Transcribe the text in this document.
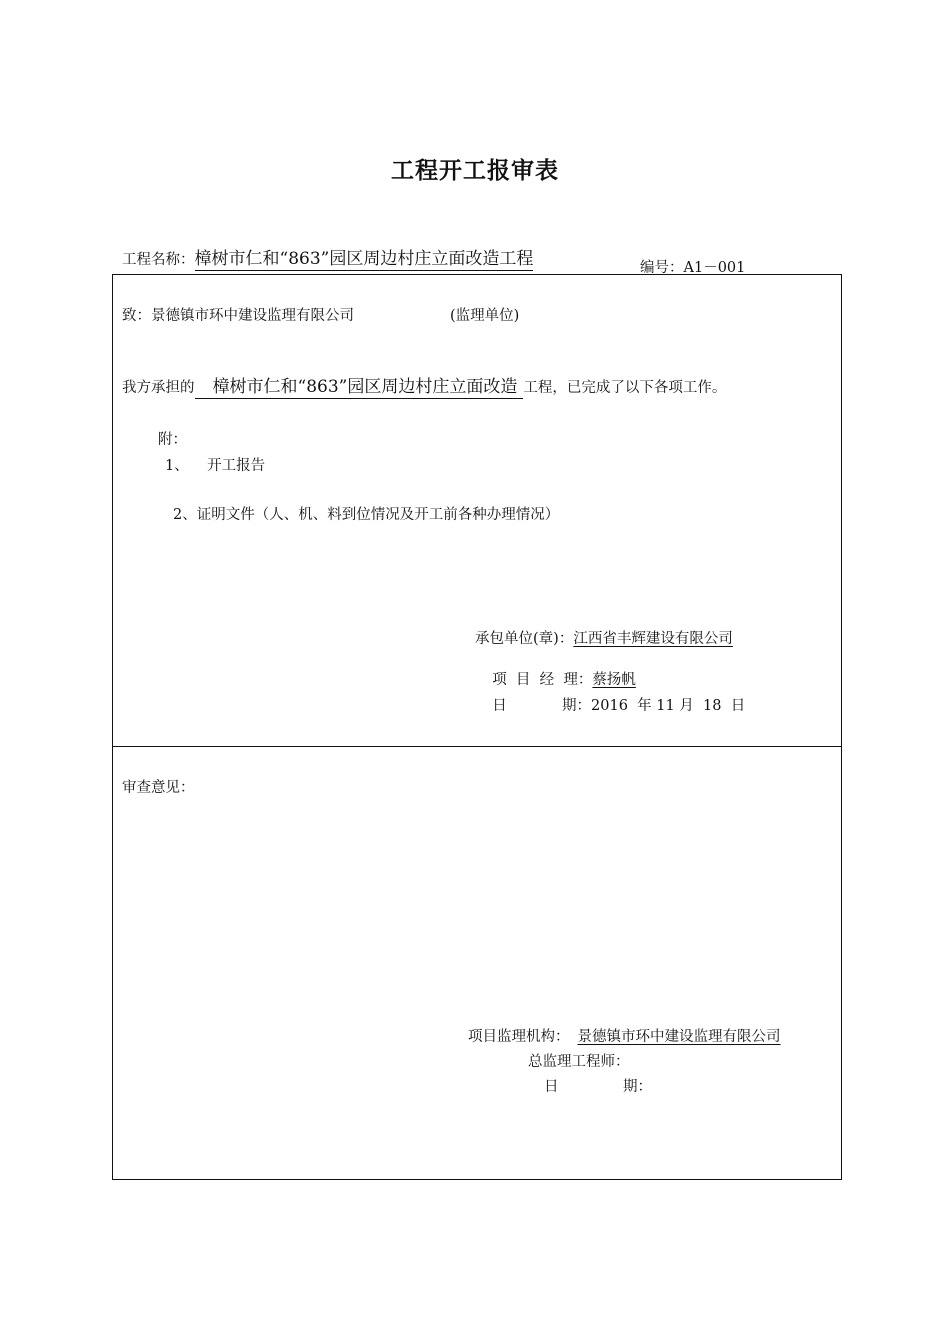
工程开工报审表
工程名称：樟树市仁和“863”园区周边村庄立面改造工程	编号：A1－001
致：景德镇市环中建设监理有限公司	(监理单位)
我方承担的 樟树市仁和“863”园区周边村庄立面改造 工程，已完成了以下各项工作。
附：
1、    开工报告
2、证明文件（人、机、料到位情况及开工前各种办理情况）
承包单位(章)：江西省丰辉建设有限公司

项  目  经  理：蔡扬帆

日            期：2016  年 11 月  18  日

审查意见：
项目监理机构： 景德镇市环中建设监理有限公司
总监理工程师：
日              期：
